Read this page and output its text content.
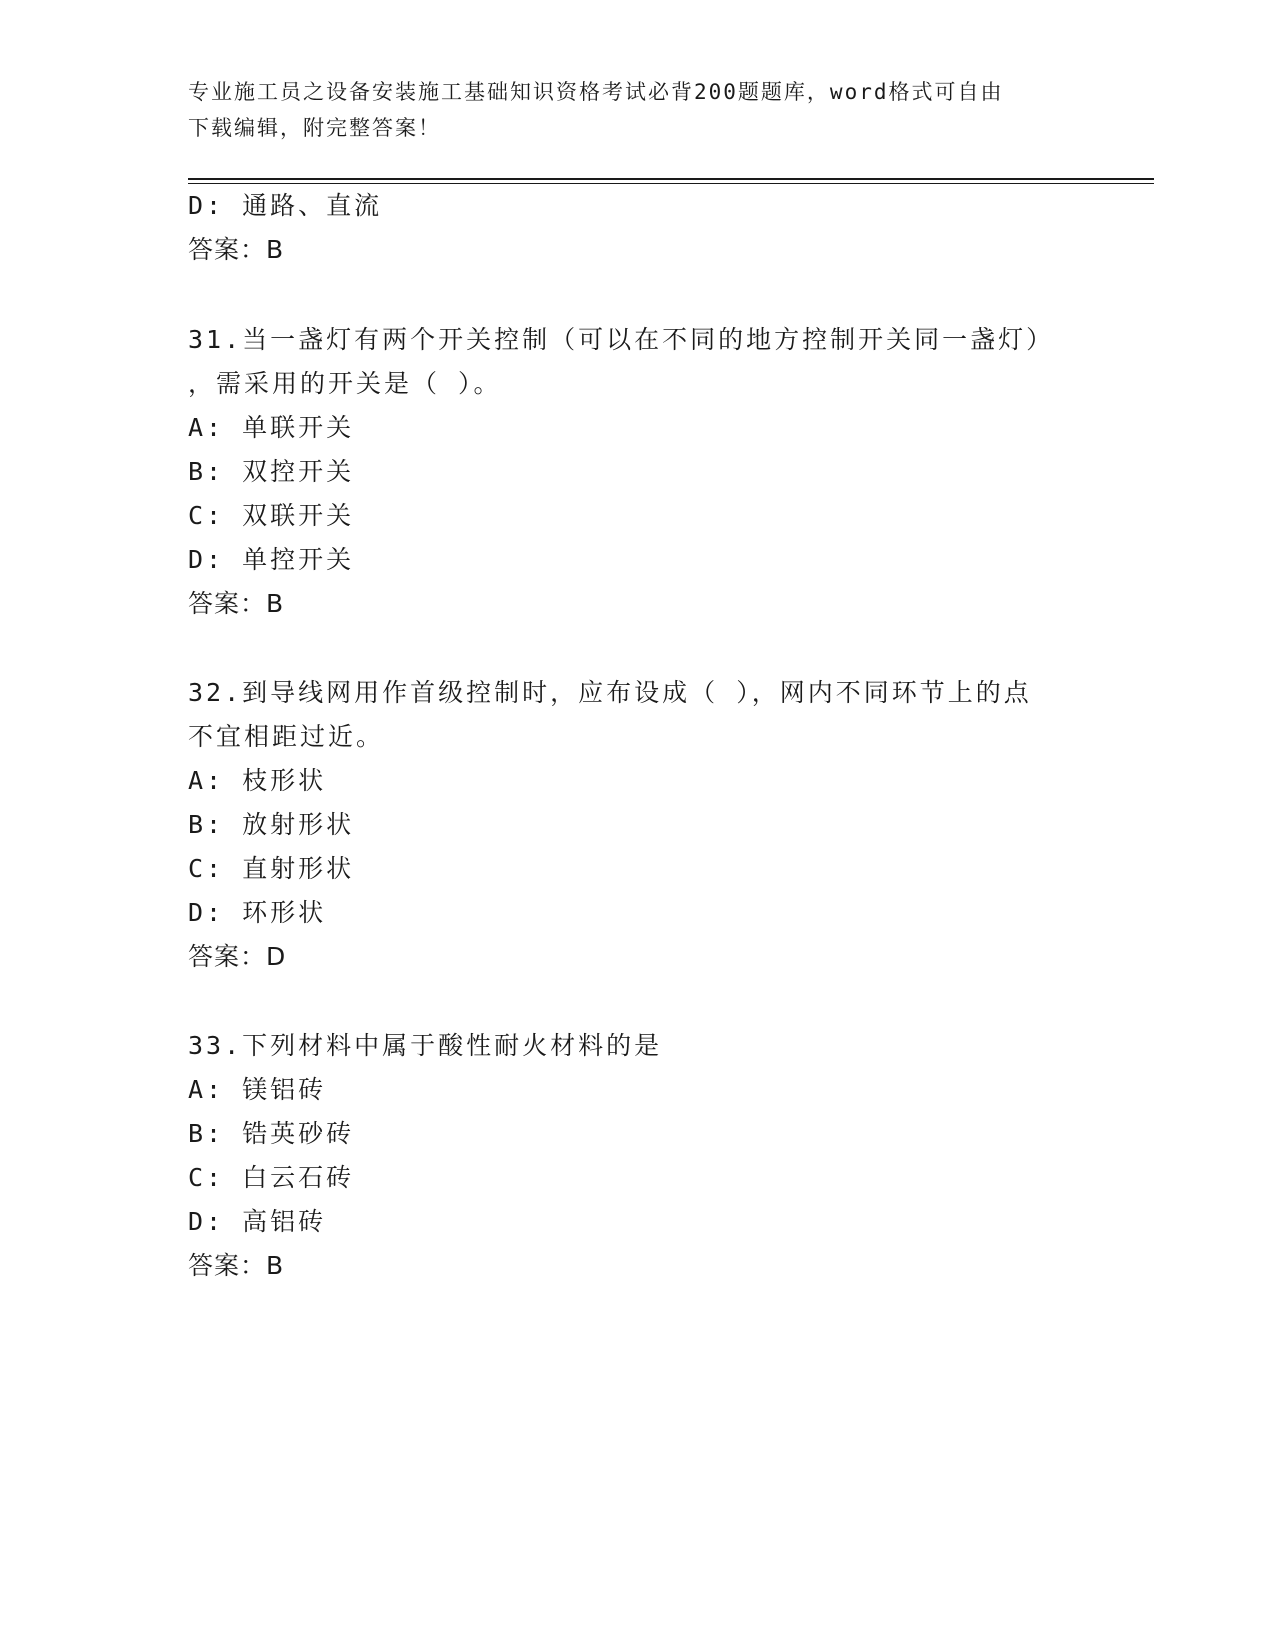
专业施工员之设备安装施工基础知识资格考试必背200题题库，word格式可自由
下载编辑，附完整答案！
D: 通路、直流
答案：B
31.当一盏灯有两个开关控制（可以在不同的地方控制开关同一盏灯）
，需采用的开关是（ ）。
A: 单联开关
B: 双控开关
C: 双联开关
D: 单控开关
答案：B
32.到导线网用作首级控制时，应布设成（ ），网内不同环节上的点
不宜相距过近。
A: 枝形状
B: 放射形状
C: 直射形状
D: 环形状
答案：D
33.下列材料中属于酸性耐火材料的是
A: 镁铝砖
B: 锆英砂砖
C: 白云石砖
D: 高铝砖
答案：B
